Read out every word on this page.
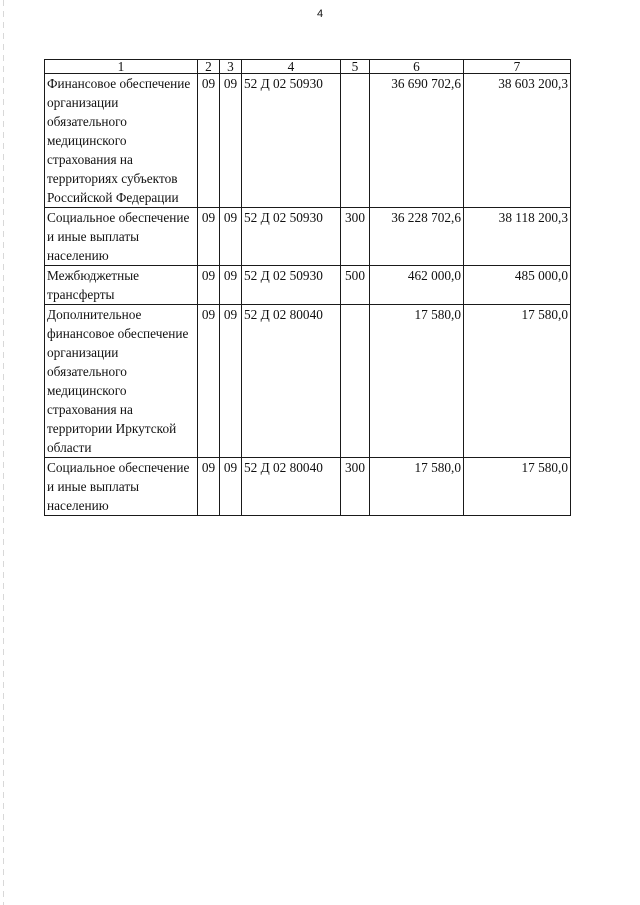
4
1	2	3	4	5	6	7
Финансовое обеспечение организации обязательного медицинского страхования на территориях субъектов Российской Федерации	09	09	52 Д 02 50930		36 690 702,6	38 603 200,3
Социальное обеспечение и иные выплаты населению	09	09	52 Д 02 50930	300	36 228 702,6	38 118 200,3
Межбюджетные трансферты	09	09	52 Д 02 50930	500	462 000,0	485 000,0
Дополнительное финансовое обеспечение организации обязательного медицинского страхования на территории Иркутской области	09	09	52 Д 02 80040		17 580,0	17 580,0
Социальное обеспечение и иные выплаты населению	09	09	52 Д 02 80040	300	17 580,0	17 580,0
